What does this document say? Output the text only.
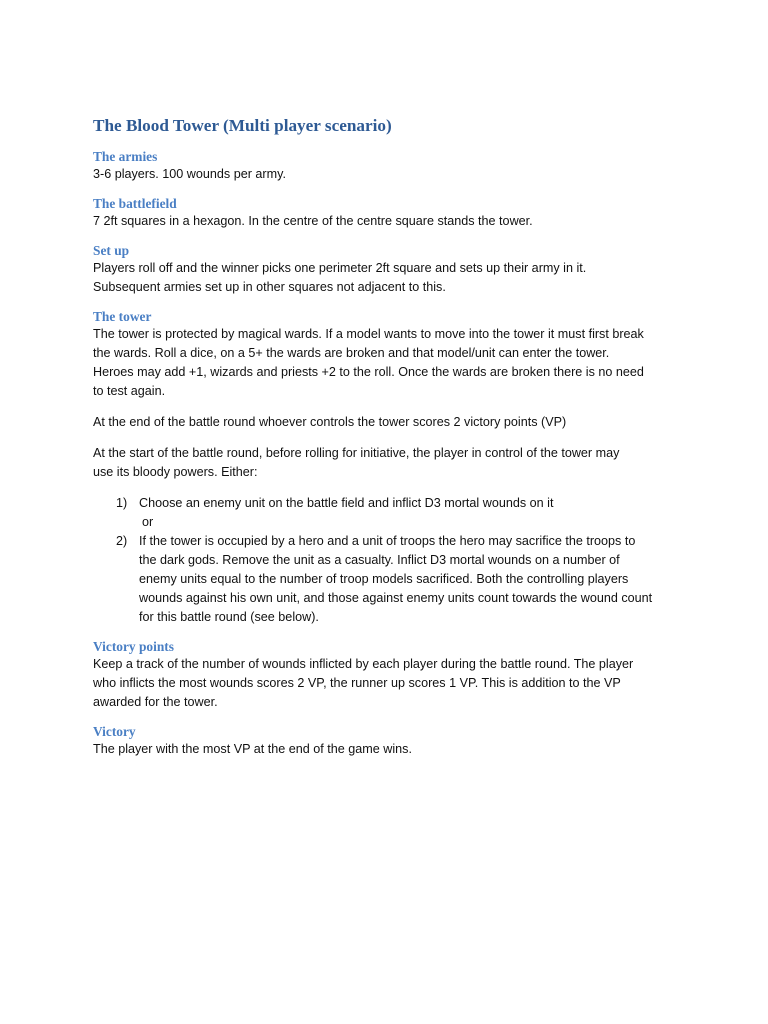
The Blood Tower (Multi player scenario)
The armies
3-6 players. 100 wounds per army.
The battlefield
7 2ft squares in a hexagon. In the centre of the centre square stands the tower.
Set up
Players roll off and the winner picks one perimeter 2ft square and sets up their army in it.
Subsequent armies set up in other squares not adjacent to this.
The tower
The tower is protected by magical wards. If a model wants to move into the tower it must first break
the wards. Roll a dice, on a 5+ the wards are broken and that model/unit can enter the tower.
Heroes may add +1, wizards and priests +2 to the roll. Once the wards are broken there is no need
to test again.
At the end of the battle round whoever controls the tower scores 2 victory points (VP)
At the start of the battle round, before rolling for initiative, the player in control of the tower may
use its bloody powers. Either:
1) Choose an enemy unit on the battle field and inflict D3 mortal wounds on it
or
2) If the tower is occupied by a hero and a unit of troops the hero may sacrifice the troops to
the dark gods. Remove the unit as a casualty. Inflict D3 mortal wounds on a number of
enemy units equal to the number of troop models sacrificed. Both the controlling players
wounds against his own unit, and those against enemy units count towards the wound count
for this battle round (see below).
Victory points
Keep a track of the number of wounds inflicted by each player during the battle round. The player
who inflicts the most wounds scores 2 VP, the runner up scores 1 VP. This is addition to the VP
awarded for the tower.
Victory
The player with the most VP at the end of the game wins.
